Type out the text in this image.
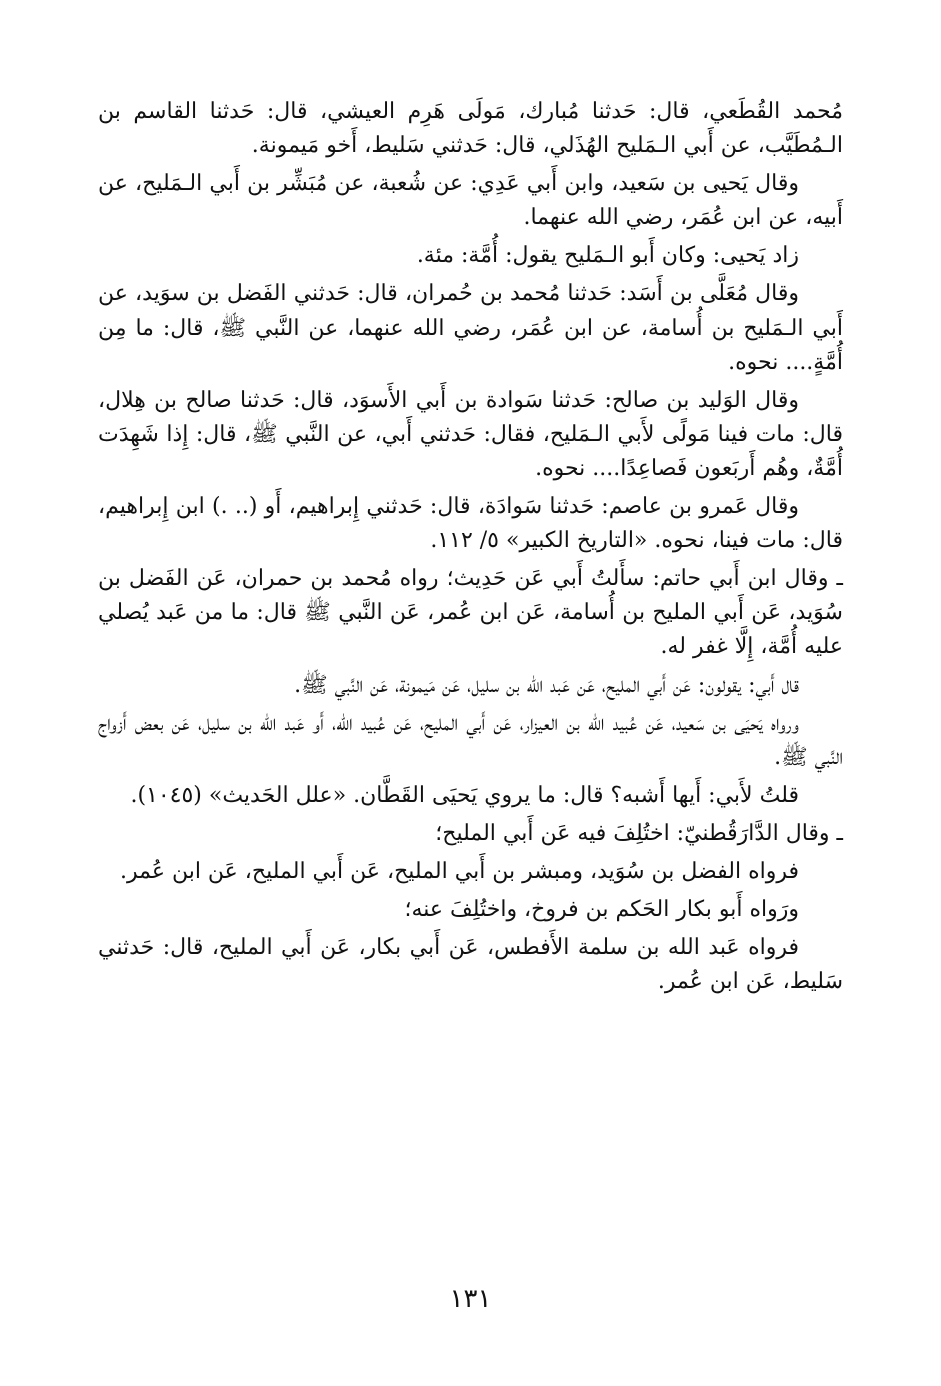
مُحمد القُطَعي، قال: حَدثنا مُبارك، مَولَى هَرِم العيشي، قال: حَدثنا القاسم بن الـمُطَيَّب، عن أَبي الـمَليح الهُذَلي، قال: حَدثني سَليط، أَخو مَيمونة.

وقال يَحيى بن سَعيد، وابن أَبي عَدِي: عن شُعبة، عن مُبَشِّر بن أَبي الـمَليح، عن أَبيه، عن ابن عُمَر، رضي الله عنهما.

زاد يَحيى: وكان أَبو الـمَليح يقول: أُمَّة: مئة.

وقال مُعَلَّى بن أَسَد: حَدثنا مُحمد بن حُمران، قال: حَدثني الفَضل بن سوَيد، عن أَبي الـمَليح بن أُسامة، عن ابن عُمَر، رضي الله عنهما، عن النَّبي ﷺ، قال: ما مِن أُمَّةٍ.... نحوه.

وقال الوَليد بن صالح: حَدثنا سَوادة بن أَبي الأَسوَد، قال: حَدثنا صالح بن هِلال، قال: مات فينا مَولًى لأَبي الـمَليح، فقال: حَدثني أَبي، عن النَّبي ﷺ، قال: إِذا شَهِدَت أُمَّةٌ، وهُم أَربَعون فَصاعِدًا.... نحوه.

وقال عَمرو بن عاصم: حَدثنا سَوادَة، قال: حَدثني إِبراهيم، أَو (.. .) ابن إِبراهيم، قال: مات فينا، نحوه. «التاريخ الكبير» ٥/ ١١٢.

ـ وقال ابن أَبي حاتم: سأَلتُ أَبي عَن حَدِيث؛ رواه مُحمد بن حمران، عَن الفَضل بن سُوَيد، عَن أَبي المليح بن أُسامة، عَن ابن عُمر، عَن النَّبي ﷺ قال: ما من عَبد يُصلي عليه أُمَّة، إِلَّا غفر له.

قال أَبي: يقولون: عَن أَبي المليح، عَن عَبد الله بن سليل، عَن مَيمونة، عَن النَّبي ﷺ.

ورواه يَحيَى بن سَعيد، عَن عُبيد الله بن العيزار، عَن أَبي المليح، عَن عُبيد الله، أَو عَبد الله بن سليل، عَن بعض أَزواج النَّبي ﷺ.

قلتُ لأَبي: أَيها أَشبه؟ قال: ما يروي يَحيَى القَطَّان. «علل الحَديث» (١٠٤٥).

ـ وقال الدَّارَقُطنيّ: اختُلِفَ فيه عَن أَبي المليح؛

فرواه الفضل بن سُوَيد، ومبشر بن أَبي المليح، عَن أَبي المليح، عَن ابن عُمر.

ورَواه أَبو بكار الحَكم بن فروخ، واختُلِفَ عنه؛

فرواه عَبد الله بن سلمة الأَفطس، عَن أَبي بكار، عَن أَبي المليح، قال: حَدثني سَليط، عَن ابن عُمر.

١٣١
